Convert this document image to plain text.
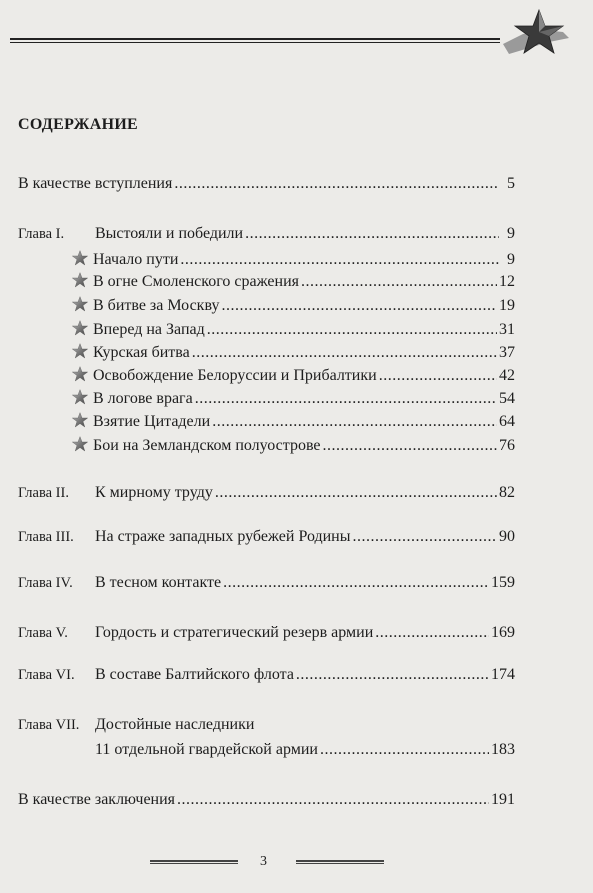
СОДЕРЖАНИЕ
В качестве вступления .....	5
Глава I.	Выстояли и победили .....	9
Начало пути .....	9
В огне Смоленского сражения .....	12
В битве за Москву .....	19
Вперед на Запад .....	31
Курская битва .....	37
Освобождение Белоруссии и Прибалтики .....	42
В логове врага .....	54
Взятие Цитадели .....	64
Бои на Земландском полуострове .....	76
Глава II.	К мирному труду .....	82
Глава III.	На страже западных рубежей Родины .....	90
Глава IV.	В тесном контакте .....	159
Глава V.	Гордость и стратегический резерв армии .....	169
Глава VI.	В составе Балтийского флота .....	174
Глава VII. Достойные наследники
11 отдельной гвардейской армии .....	183
В качестве заключения .....	191
3
